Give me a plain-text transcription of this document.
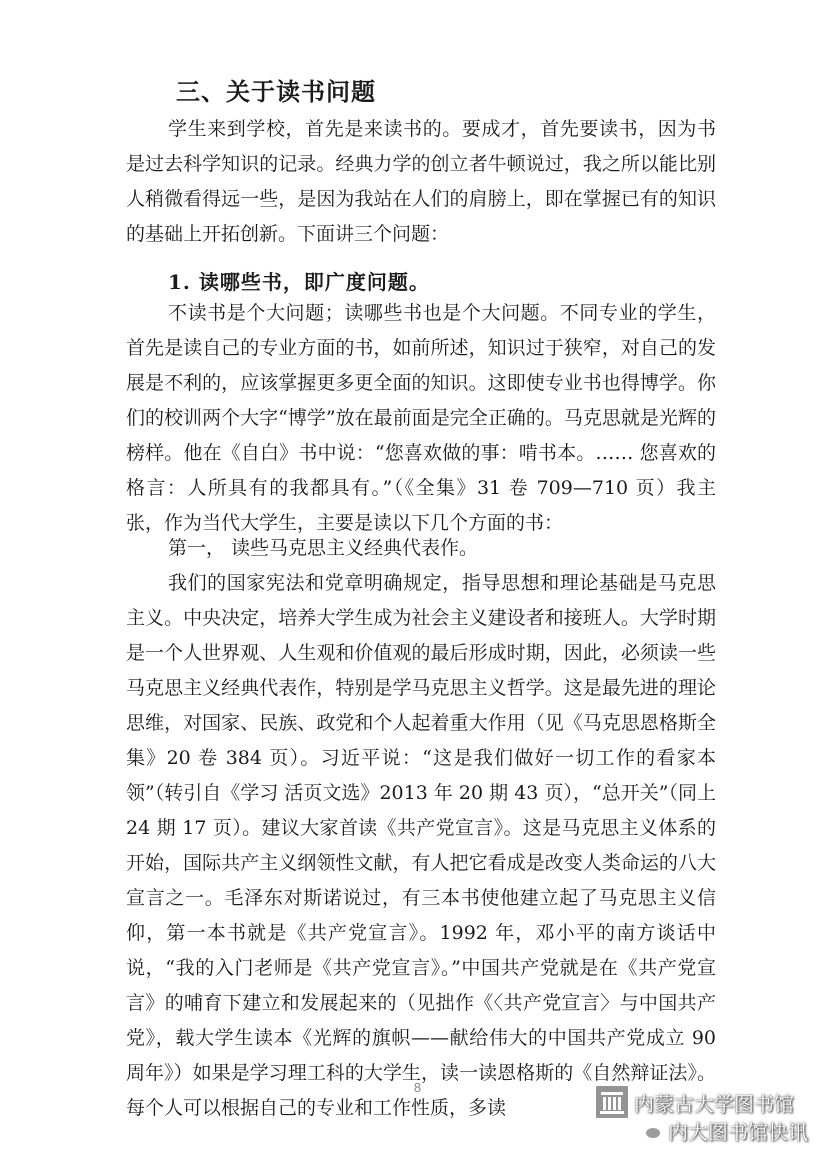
三、关于读书问题
学生来到学校，首先是来读书的。要成才，首先要读书，因为书是过去科学知识的记录。经典力学的创立者牛顿说过，我之所以能比别人稍微看得远一些，是因为我站在人们的肩膀上，即在掌握已有的知识的基础上开拓创新。下面讲三个问题：
1. 读哪些书，即广度问题。
不读书是个大问题；读哪些书也是个大问题。不同专业的学生，首先是读自己的专业方面的书，如前所述，知识过于狭窄，对自己的发展是不利的，应该掌握更多更全面的知识。这即使专业书也得博学。你们的校训两个大字“博学”放在最前面是完全正确的。马克思就是光辉的榜样。他在《自白》书中说：“您喜欢做的事：啃书本。…… 您喜欢的格言：人所具有的我都具有。”（《全集》31 卷 709—710 页）我主张，作为当代大学生，主要是读以下几个方面的书：
第一， 读些马克思主义经典代表作。
我们的国家宪法和党章明确规定，指导思想和理论基础是马克思主义。中央决定，培养大学生成为社会主义建设者和接班人。大学时期是一个人世界观、人生观和价值观的最后形成时期，因此，必须读一些马克思主义经典代表作，特别是学马克思主义哲学。这是最先进的理论思维，对国家、民族、政党和个人起着重大作用（见《马克思恩格斯全集》20 卷 384 页）。习近平说：“这是我们做好一切工作的看家本领”（转引自《学习 活页文选》2013 年 20 期 43 页），“总开关”（同上 24 期 17 页）。建议大家首读《共产党宣言》。这是马克思主义体系的开始，国际共产主义纲领性文献，有人把它看成是改变人类命运的八大宣言之一。毛泽东对斯诺说过，有三本书使他建立起了马克思主义信仰，第一本书就是《共产党宣言》。1992 年，邓小平的南方谈话中说，“我的入门老师是《共产党宣言》。”中国共产党就是在《共产党宣言》的哺育下建立和发展起来的（见拙作《〈共产党宣言〉与中国共产党》，载大学生读本《光辉的旗帜——献给伟大的中国共产党成立 90 周年》）如果是学习理工科的大学生，读一读恩格斯的《自然辩证法》。每个人可以根据自己的专业和工作性质，多读
8
内蒙古大学图书馆
内大图书馆快讯
